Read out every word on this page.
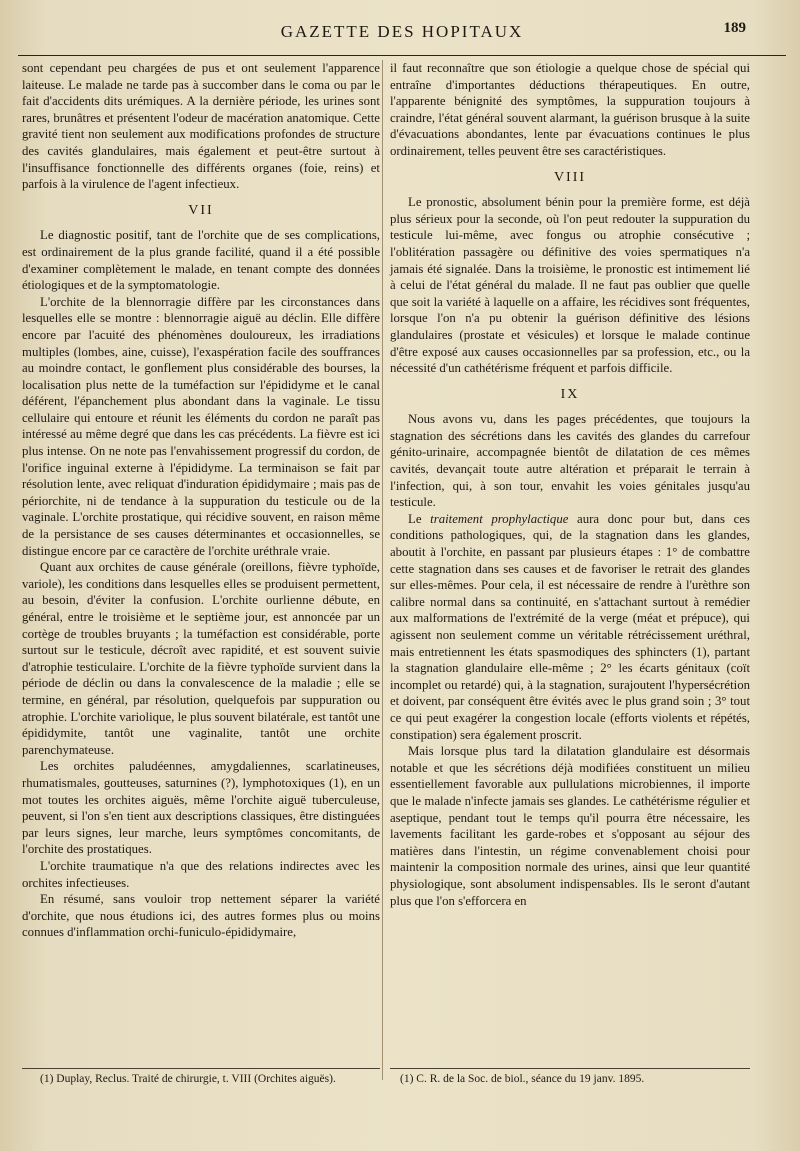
GAZETTE DES HOPITAUX	189

sont cependant peu chargées de pus et ont seulement l'apparence laiteuse. Le malade ne tarde pas à succomber dans le coma ou par le fait d'accidents dits urémiques. A la dernière période, les urines sont rares, brunâtres et présentent l'odeur de macération anatomique. Cette gravité tient non seulement aux modifications profondes de structure des cavités glandulaires, mais également et peut-être surtout à l'insuffisance fonctionnelle des différents organes (foie, reins) et parfois à la virulence de l'agent infectieux.

VII

Le diagnostic positif, tant de l'orchite que de ses complications, est ordinairement de la plus grande facilité, quand il a été possible d'examiner complètement le malade, en tenant compte des données étiologiques et de la symptomatologie.

L'orchite de la blennorragie diffère par les circonstances dans lesquelles elle se montre : blennorragie aiguë au déclin. Elle diffère encore par l'acuité des phénomènes douloureux, les irradiations multiples (lombes, aine, cuisse), l'exaspération facile des souffrances au moindre contact, le gonflement plus considérable des bourses, la localisation plus nette de la tuméfaction sur l'épididyme et le canal déférent, l'épanchement plus abondant dans la vaginale. Le tissu cellulaire qui entoure et réunit les éléments du cordon ne paraît pas intéressé au même degré que dans les cas précédents. La fièvre est ici plus intense. On ne note pas l'envahissement progressif du cordon, de l'orifice inguinal externe à l'épididyme. La terminaison se fait par résolution lente, avec reliquat d'induration épididymaire ; mais pas de périorchite, ni de tendance à la suppuration du testicule ou de la vaginale. L'orchite prostatique, qui récidive souvent, en raison même de la persistance de ses causes déterminantes et occasionnelles, se distingue encore par ce caractère de l'orchite uréthrale vraie.

Quant aux orchites de cause générale (oreillons, fièvre typhoïde, variole), les conditions dans lesquelles elles se produisent permettent, au besoin, d'éviter la confusion. L'orchite ourlienne débute, en général, entre le troisième et le septième jour, est annoncée par un cortège de troubles bruyants ; la tuméfaction est considérable, porte surtout sur le testicule, décroît avec rapidité, et est souvent suivie d'atrophie testiculaire. L'orchite de la fièvre typhoïde survient dans la période de déclin ou dans la convalescence de la maladie ; elle se termine, en général, par résolution, quelquefois par suppuration ou atrophie. L'orchite variolique, le plus souvent bilatérale, est tantôt une épididymite, tantôt une vaginalite, tantôt une orchite parenchymateuse.

Les orchites paludéennes, amygdaliennes, scarlatineuses, rhumatismales, goutteuses, saturnines (?), lymphotoxiques (1), en un mot toutes les orchites aiguës, même l'orchite aiguë tuberculeuse, peuvent, si l'on s'en tient aux descriptions classiques, être distinguées par leurs signes, leur marche, leurs symptômes concomitants, de l'orchite des prostatiques.

L'orchite traumatique n'a que des relations indirectes avec les orchites infectieuses.

En résumé, sans vouloir trop nettement séparer la variété d'orchite, que nous étudions ici, des autres formes plus ou moins connues d'inflammation orchi-funiculo-épididymaire,

il faut reconnaître que son étiologie a quelque chose de spécial qui entraîne d'importantes déductions thérapeutiques. En outre, l'apparente bénignité des symptômes, la suppuration toujours à craindre, l'état général souvent alarmant, la guérison brusque à la suite d'évacuations abondantes, lente par évacuations continues le plus ordinairement, telles peuvent être ses caractéristiques.

VIII

Le pronostic, absolument bénin pour la première forme, est déjà plus sérieux pour la seconde, où l'on peut redouter la suppuration du testicule lui-même, avec fongus ou atrophie consécutive ; l'oblitération passagère ou définitive des voies spermatiques n'a jamais été signalée. Dans la troisième, le pronostic est intimement lié à celui de l'état général du malade. Il ne faut pas oublier que quelle que soit la variété à laquelle on a affaire, les récidives sont fréquentes, lorsque l'on n'a pu obtenir la guérison définitive des lésions glandulaires (prostate et vésicules) et lorsque le malade continue d'être exposé aux causes occasionnelles par sa profession, etc., ou la nécessité d'un cathétérisme fréquent et parfois difficile.

IX

Nous avons vu, dans les pages précédentes, que toujours la stagnation des sécrétions dans les cavités des glandes du carrefour génito-urinaire, accompagnée bientôt de dilatation de ces mêmes cavités, devançait toute autre altération et préparait le terrain à l'infection, qui, à son tour, envahit les voies génitales jusqu'au testicule.

Le traitement prophylactique aura donc pour but, dans ces conditions pathologiques, qui, de la stagnation dans les glandes, aboutit à l'orchite, en passant par plusieurs étapes : 1° de combattre cette stagnation dans ses causes et de favoriser le retrait des glandes sur elles-mêmes. Pour cela, il est nécessaire de rendre à l'urèthre son calibre normal dans sa continuité, en s'attachant surtout à remédier aux malformations de l'extrémité de la verge (méat et prépuce), qui agissent non seulement comme un véritable rétrécissement uréthral, mais entretiennent les états spasmodiques des sphincters (1), partant la stagnation glandulaire elle-même ; 2° les écarts génitaux (coït incomplet ou retardé) qui, à la stagnation, surajoutent l'hypersécrétion et doivent, par conséquent être évités avec le plus grand soin ; 3° tout ce qui peut exagérer la congestion locale (efforts violents et répétés, constipation) sera également proscrit.

Mais lorsque plus tard la dilatation glandulaire est désormais notable et que les sécrétions déjà modifiées constituent un milieu essentiellement favorable aux pullulations microbiennes, il importe que le malade n'infecte jamais ses glandes. Le cathétérisme régulier et aseptique, pendant tout le temps qu'il pourra être nécessaire, les lavements facilitant les garde-robes et s'opposant au séjour des matières dans l'intestin, un régime convenablement choisi pour maintenir la composition normale des urines, ainsi que leur quantité physiologique, sont absolument indispensables. Ils le seront d'autant plus que l'on s'efforcera en

(1) Duplay, Reclus. Traité de chirurgie, t. VIII (Orchites aiguës).	(1) C. R. de la Soc. de biol., séance du 19 janv. 1895.
